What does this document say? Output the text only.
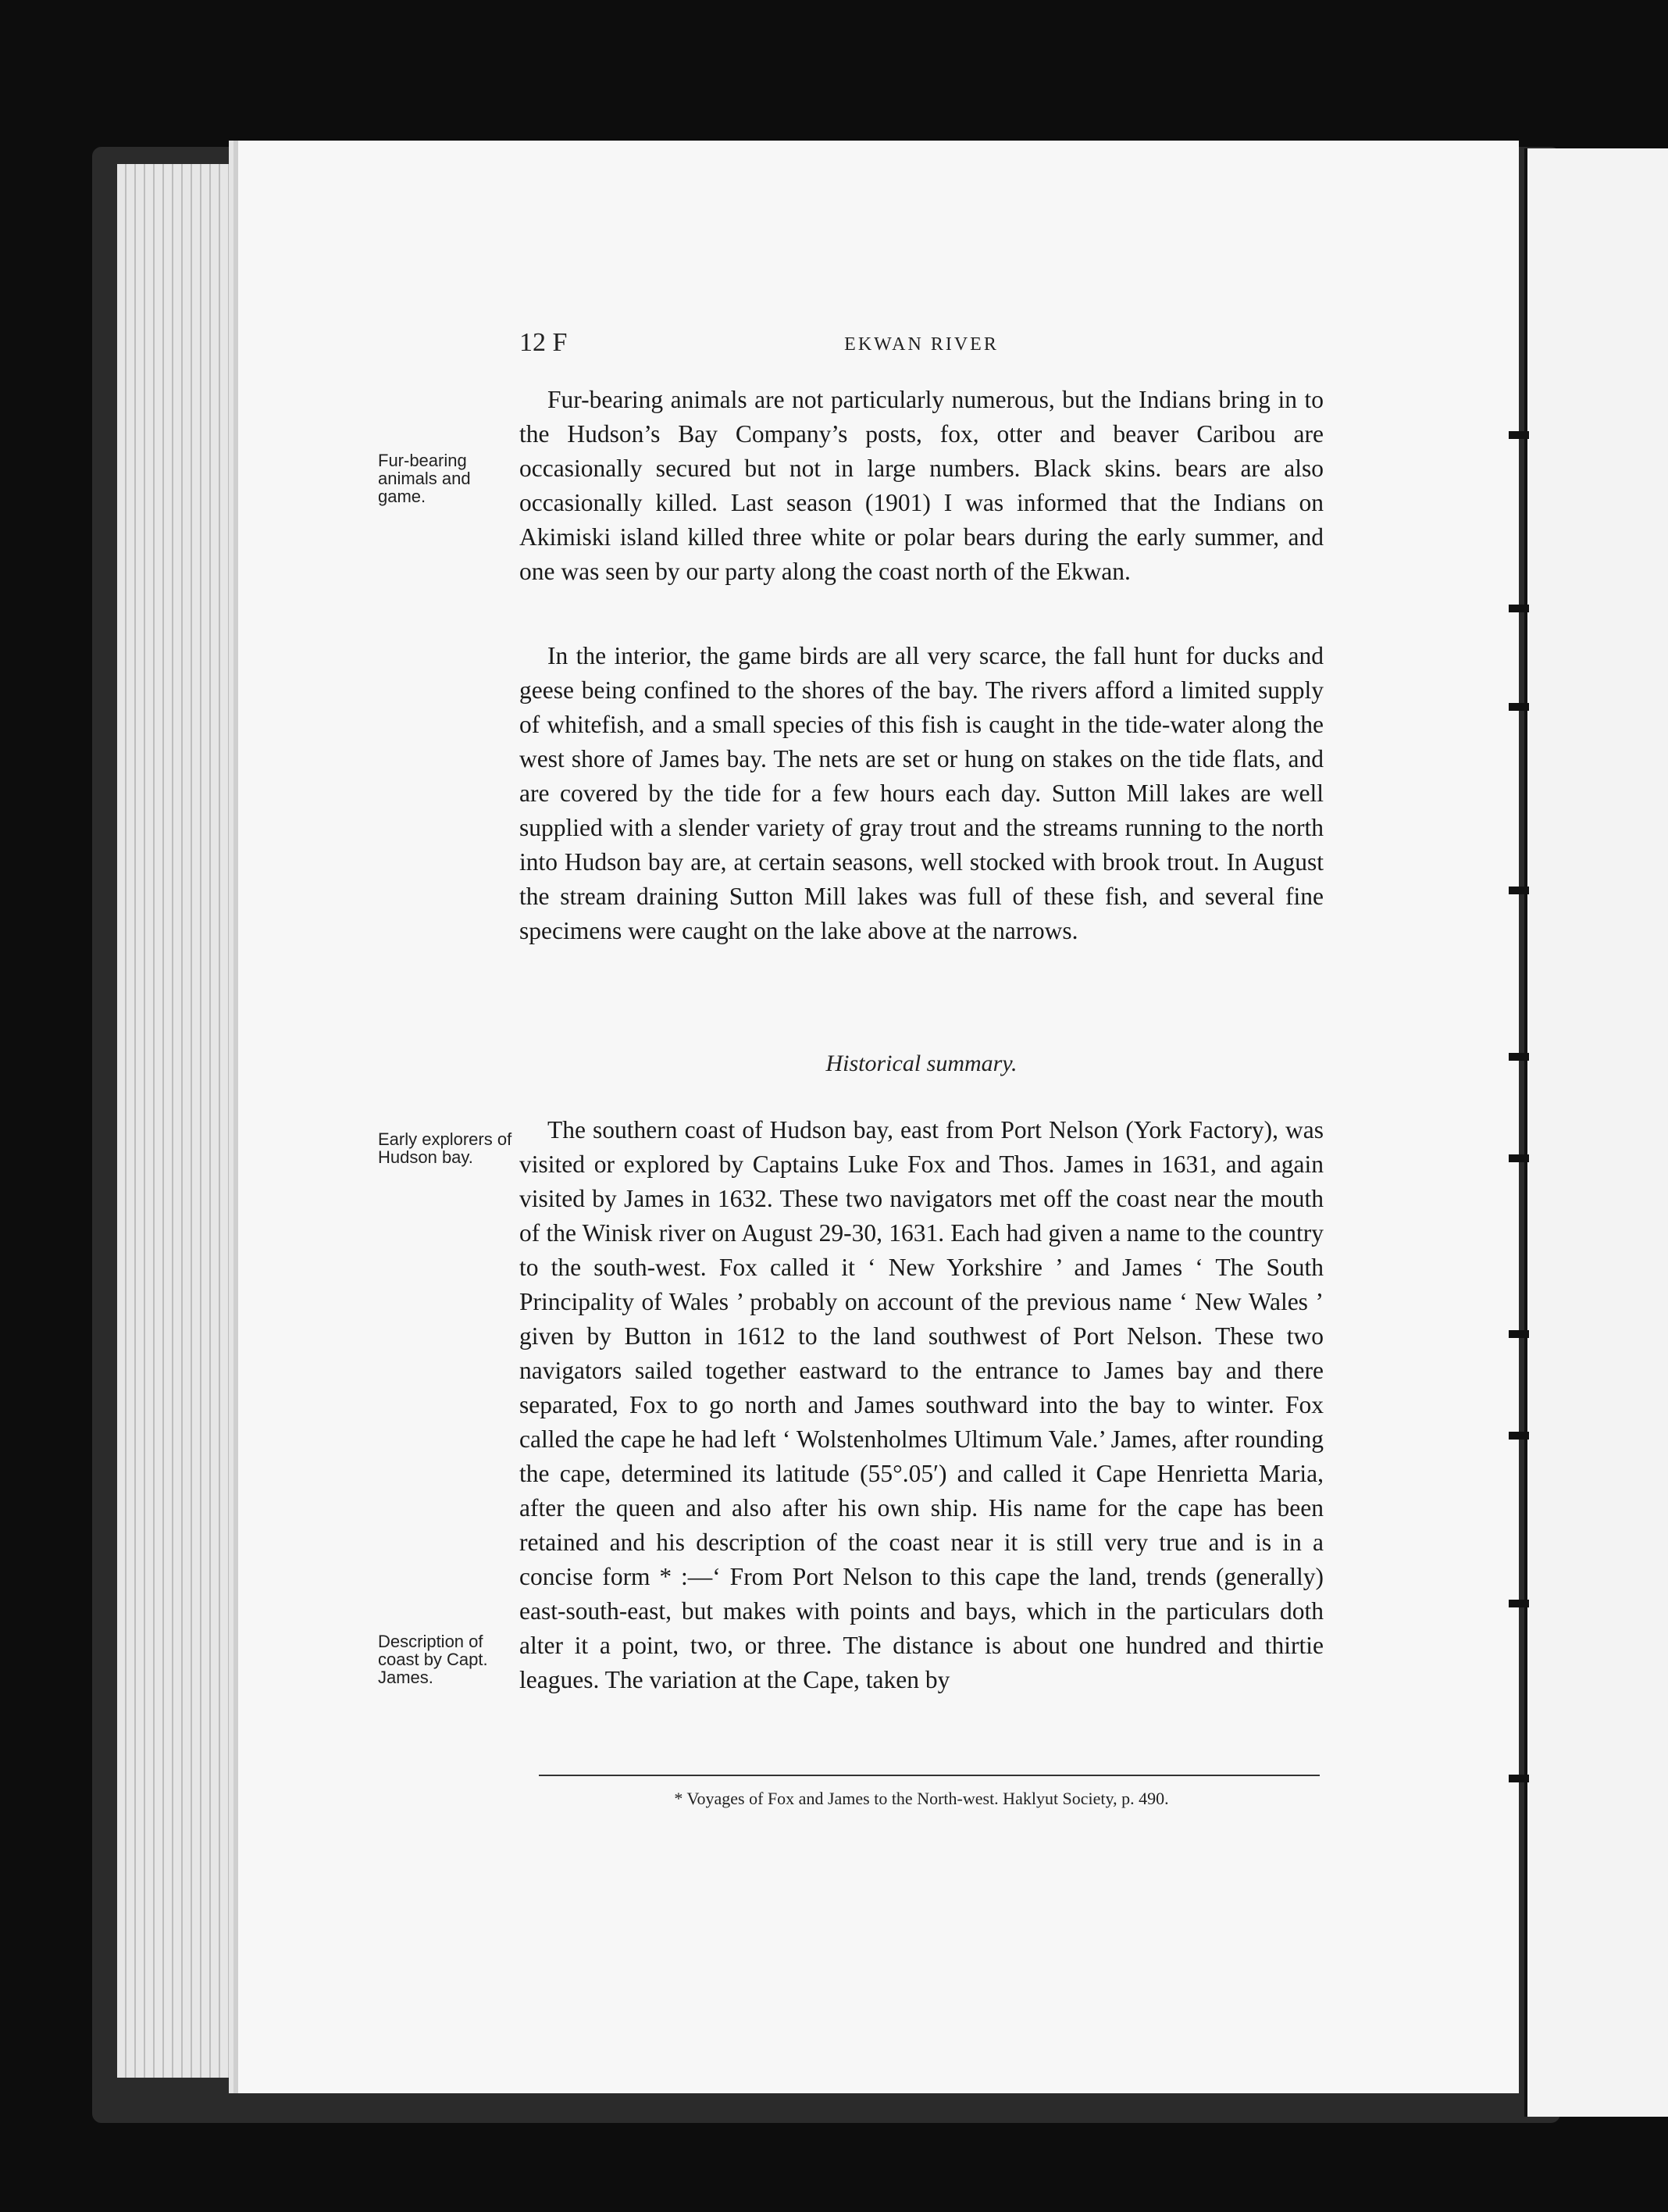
12 F	EKWAN RIVER
Fur-bearing animals and game.

Fur-bearing animals are not particularly numerous, but the Indians bring in to the Hudson’s Bay Company’s posts, fox, otter and beaver Caribou are occasionally secured but not in large numbers. Black skins. bears are also occasionally killed. Last season (1901) I was informed that the Indians on Akimiski island killed three white or polar bears during the early summer, and one was seen by our party along the coast north of the Ekwan.

In the interior, the game birds are all very scarce, the fall hunt for ducks and geese being confined to the shores of the bay. The rivers afford a limited supply of whitefish, and a small species of this fish is caught in the tide-water along the west shore of James bay. The nets are set or hung on stakes on the tide flats, and are covered by the tide for a few hours each day. Sutton Mill lakes are well supplied with a slender variety of gray trout and the streams running to the north into Hudson bay are, at certain seasons, well stocked with brook trout. In August the stream draining Sutton Mill lakes was full of these fish, and several fine specimens were caught on the lake above at the narrows.

Historical summary.
Early explorers of Hudson bay.
Description of coast by Capt. James.

The southern coast of Hudson bay, east from Port Nelson (York Factory), was visited or explored by Captains Luke Fox and Thos. James in 1631, and again visited by James in 1632. These two navigators met off the coast near the mouth of the Winisk river on August 29-30, 1631. Each had given a name to the country to the south-west. Fox called it ‘ New Yorkshire ’ and James ‘ The South Principality of Wales ’ probably on account of the previous name ‘ New Wales ’ given by Button in 1612 to the land southwest of Port Nelson. These two navigators sailed together eastward to the entrance to James bay and there separated, Fox to go north and James southward into the bay to winter. Fox called the cape he had left ‘ Wolstenholmes Ultimum Vale.’ James, after rounding the cape, determined its latitude (55°.05′) and called it Cape Henrietta Maria, after the queen and also after his own ship. His name for the cape has been retained and his description of the coast near it is still very true and is in a concise form * :—‘ From Port Nelson to this cape the land, trends (generally) east-south-east, but makes with points and bays, which in the particulars doth alter it a point, two, or three. The distance is about one hundred and thirtie leagues. The variation at the Cape, taken by

* Voyages of Fox and James to the North-west. Haklyut Society, p. 490.
